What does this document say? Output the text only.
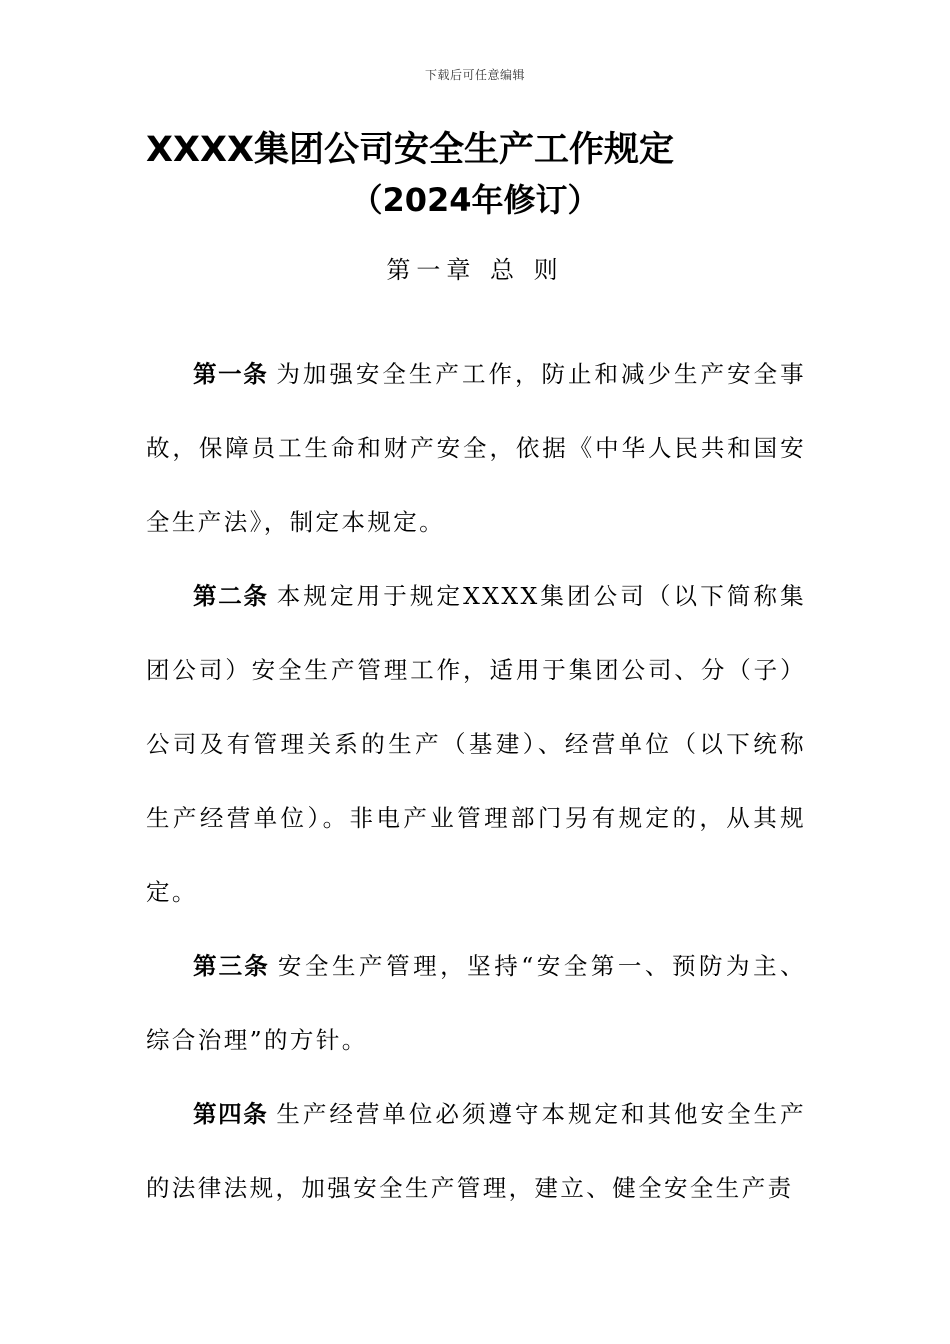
下载后可任意编辑
XXXX集团公司安全生产工作规定
（2024年修订）
第一章 总 则

第一条 为加强安全生产工作，防止和减少生产安全事故，保障员工生命和财产安全，依据《中华人民共和国安全生产法》，制定本规定。

第二条 本规定用于规定XXXX集团公司（以下简称集团公司）安全生产管理工作，适用于集团公司、分（子）公司及有管理关系的生产（基建）、经营单位（以下统称生产经营单位）。非电产业管理部门另有规定的，从其规定。

第三条 安全生产管理，坚持“安全第一、预防为主、综合治理”的方针。

第四条 生产经营单位必须遵守本规定和其他安全生产的法律法规，加强安全生产管理，建立、健全安全生产责
